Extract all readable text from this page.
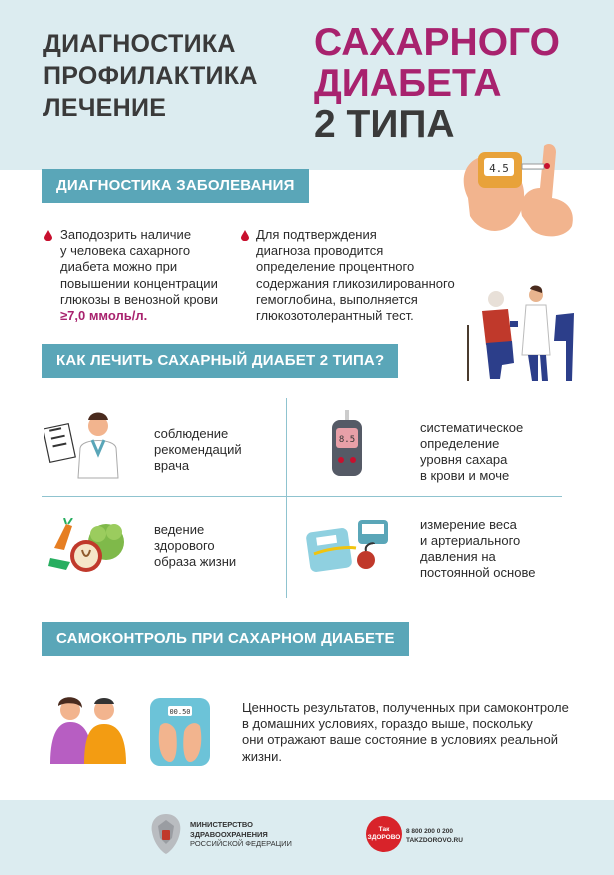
ДИАГНОСТИКА
ПРОФИЛАКТИКА
ЛЕЧЕНИЕ
САХАРНОГО
ДИАБЕТА
2 ТИПА
4.5
ДИАГНОСТИКА ЗАБОЛЕВАНИЯ
Заподозрить наличие
у человека сахарного
диабета можно при
повышении концентрации
глюкозы в венозной крови
≥7,0 ммоль/л.
Для подтверждения
диагноза проводится
определение процентного
содержания гликозилированного
гемоглобина, выполняется
глюкозотолерантный тест.
КАК ЛЕЧИТЬ САХАРНЫЙ ДИАБЕТ 2 ТИПА?
соблюдение
рекомендаций
врача
8.5
систематическое
определение
уровня сахара
в крови и моче
ведение
здорового
образа жизни
измерение веса
и артериального
давления на
постоянной основе
САМОКОНТРОЛЬ ПРИ САХАРНОМ ДИАБЕТЕ
00.50	Ценность результатов, полученных при самоконтроле
в домашних условиях, гораздо выше, поскольку
они отражают ваше состояние в условиях реальной
жизни.
МИНИСТЕРСТВО
ЗДРАВООХРАНЕНИЯ
РОССИЙСКОЙ ФЕДЕРАЦИИ
Так ЗДОРОВО
8 800 200 0 200
TAKZDOROVO.RU
